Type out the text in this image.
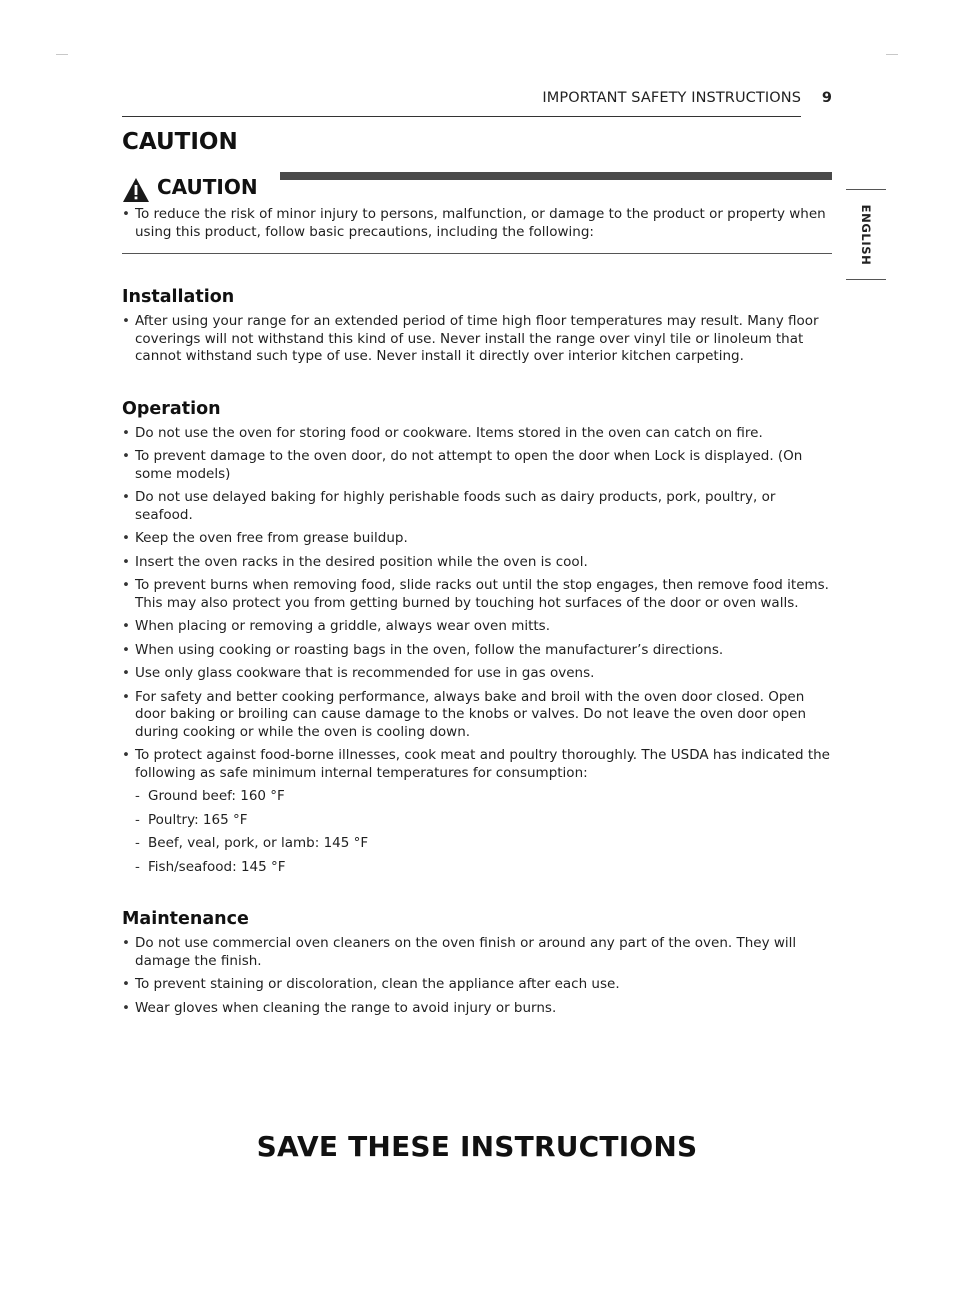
IMPORTANT SAFETY INSTRUCTIONS 9
ENGLISH
CAUTION
CAUTION
• To reduce the risk of minor injury to persons, malfunction, or damage to the product or property when using this product, follow basic precautions, including the following:
Installation
• After using your range for an extended period of time high floor temperatures may result. Many floor coverings will not withstand this kind of use. Never install the range over vinyl tile or linoleum that cannot withstand such type of use. Never install it directly over interior kitchen carpeting.
Operation
• Do not use the oven for storing food or cookware. Items stored in the oven can catch on fire.
• To prevent damage to the oven door, do not attempt to open the door when Lock is displayed. (On some models)
• Do not use delayed baking for highly perishable foods such as dairy products, pork, poultry, or seafood.
• Keep the oven free from grease buildup.
• Insert the oven racks in the desired position while the oven is cool.
• To prevent burns when removing food, slide racks out until the stop engages, then remove food items. This may also protect you from getting burned by touching hot surfaces of the door or oven walls.
• When placing or removing a griddle, always wear oven mitts.
• When using cooking or roasting bags in the oven, follow the manufacturer’s directions.
• Use only glass cookware that is recommended for use in gas ovens.
• For safety and better cooking performance, always bake and broil with the oven door closed. Open door baking or broiling can cause damage to the knobs or valves. Do not leave the oven door open during cooking or while the oven is cooling down.
• To protect against food-borne illnesses, cook meat and poultry thoroughly. The USDA has indicated the following as safe minimum internal temperatures for consumption:
- Ground beef: 160 °F
- Poultry: 165 °F
- Beef, veal, pork, or lamb: 145 °F
- Fish/seafood: 145 °F
Maintenance
• Do not use commercial oven cleaners on the oven finish or around any part of the oven. They will damage the finish.
• To prevent staining or discoloration, clean the appliance after each use.
• Wear gloves when cleaning the range to avoid injury or burns.
SAVE THESE INSTRUCTIONS
